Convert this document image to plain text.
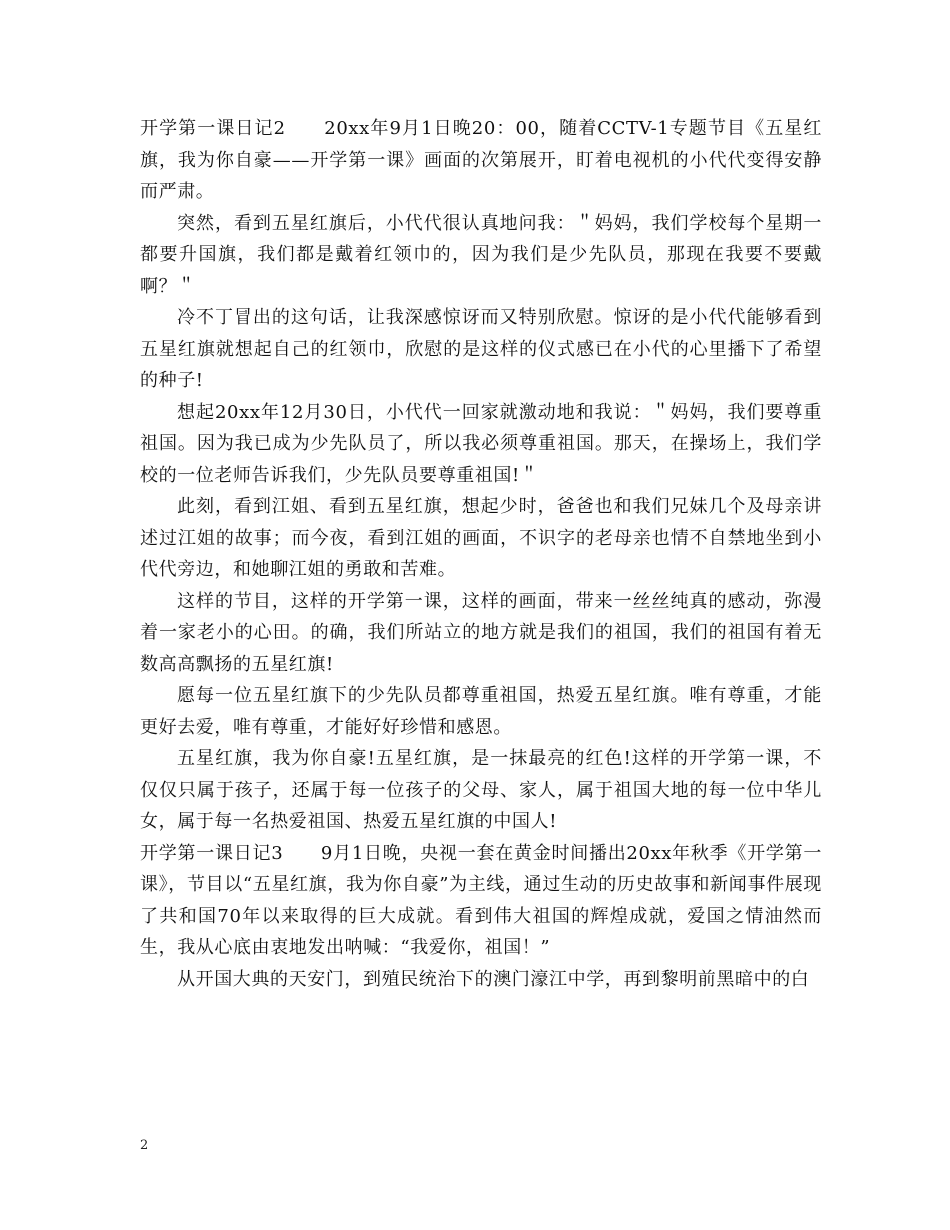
开学第一课日记2　　20xx年9月1日晚20：00，随着CCTV-1专题节目《五星红旗，我为你自豪——开学第一课》画面的次第展开，盯着电视机的小代代变得安静而严肃。

突然，看到五星红旗后，小代代很认真地问我：＂妈妈，我们学校每个星期一都要升国旗，我们都是戴着红领巾的，因为我们是少先队员，那现在我要不要戴啊？＂

冷不丁冒出的这句话，让我深感惊讶而又特别欣慰。惊讶的是小代代能够看到五星红旗就想起自己的红领巾，欣慰的是这样的仪式感已在小代的心里播下了希望的种子!

想起20xx年12月30日，小代代一回家就激动地和我说：＂妈妈，我们要尊重祖国。因为我已成为少先队员了，所以我必须尊重祖国。那天，在操场上，我们学校的一位老师告诉我们，少先队员要尊重祖国!＂

此刻，看到江姐、看到五星红旗，想起少时，爸爸也和我们兄妹几个及母亲讲述过江姐的故事；而今夜，看到江姐的画面，不识字的老母亲也情不自禁地坐到小代代旁边，和她聊江姐的勇敢和苦难。

这样的节目，这样的开学第一课，这样的画面，带来一丝丝纯真的感动，弥漫着一家老小的心田。的确，我们所站立的地方就是我们的祖国，我们的祖国有着无数高高飘扬的五星红旗!

愿每一位五星红旗下的少先队员都尊重祖国，热爱五星红旗。唯有尊重，才能更好去爱，唯有尊重，才能好好珍惜和感恩。

五星红旗，我为你自豪!五星红旗，是一抹最亮的红色!这样的开学第一课，不仅仅只属于孩子，还属于每一位孩子的父母、家人，属于祖国大地的每一位中华儿女，属于每一名热爱祖国、热爱五星红旗的中国人!

开学第一课日记3　　9月1日晚，央视一套在黄金时间播出20xx年秋季《开学第一课》，节目以“五星红旗，我为你自豪”为主线，通过生动的历史故事和新闻事件展现了共和国70年以来取得的巨大成就。看到伟大祖国的辉煌成就，爱国之情油然而生，我从心底由衷地发出呐喊：“我爱你，祖国！”

从开国大典的天安门，到殖民统治下的澳门濠江中学，再到黎明前黑暗中的白

2
